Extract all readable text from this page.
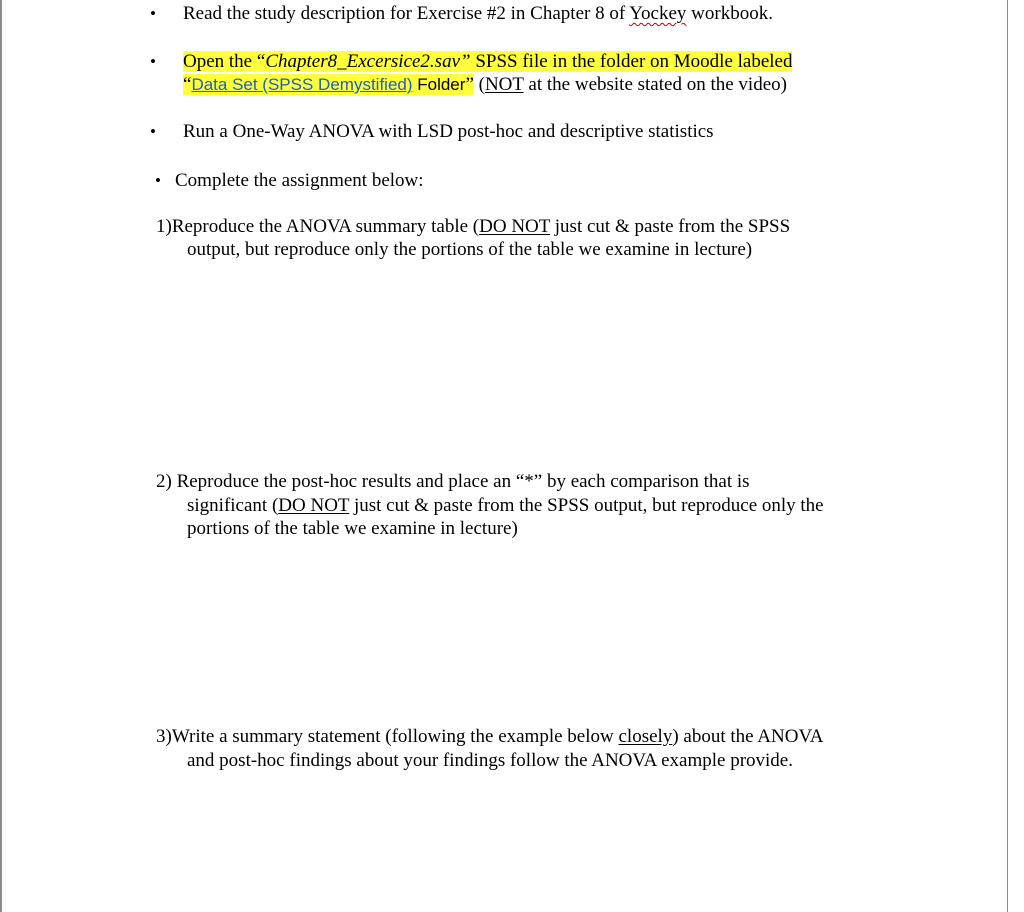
• Read the study description for Exercise #2 in Chapter 8 of Yockey workbook.
• Open the “Chapter8_Excersice2.sav” SPSS file in the folder on Moodle labeled
“Data Set (SPSS Demystified) Folder” (NOT at the website stated on the video)
• Run a One-Way ANOVA with LSD post-hoc and descriptive statistics
• Complete the assignment below:
1)Reproduce the ANOVA summary table (DO NOT just cut & paste from the SPSS
output, but reproduce only the portions of the table we examine in lecture)
2) Reproduce the post-hoc results and place an “*” by each comparison that is
significant (DO NOT just cut & paste from the SPSS output, but reproduce only the
portions of the table we examine in lecture)
3)Write a summary statement (following the example below closely) about the ANOVA
and post-hoc findings about your findings follow the ANOVA example provide.
